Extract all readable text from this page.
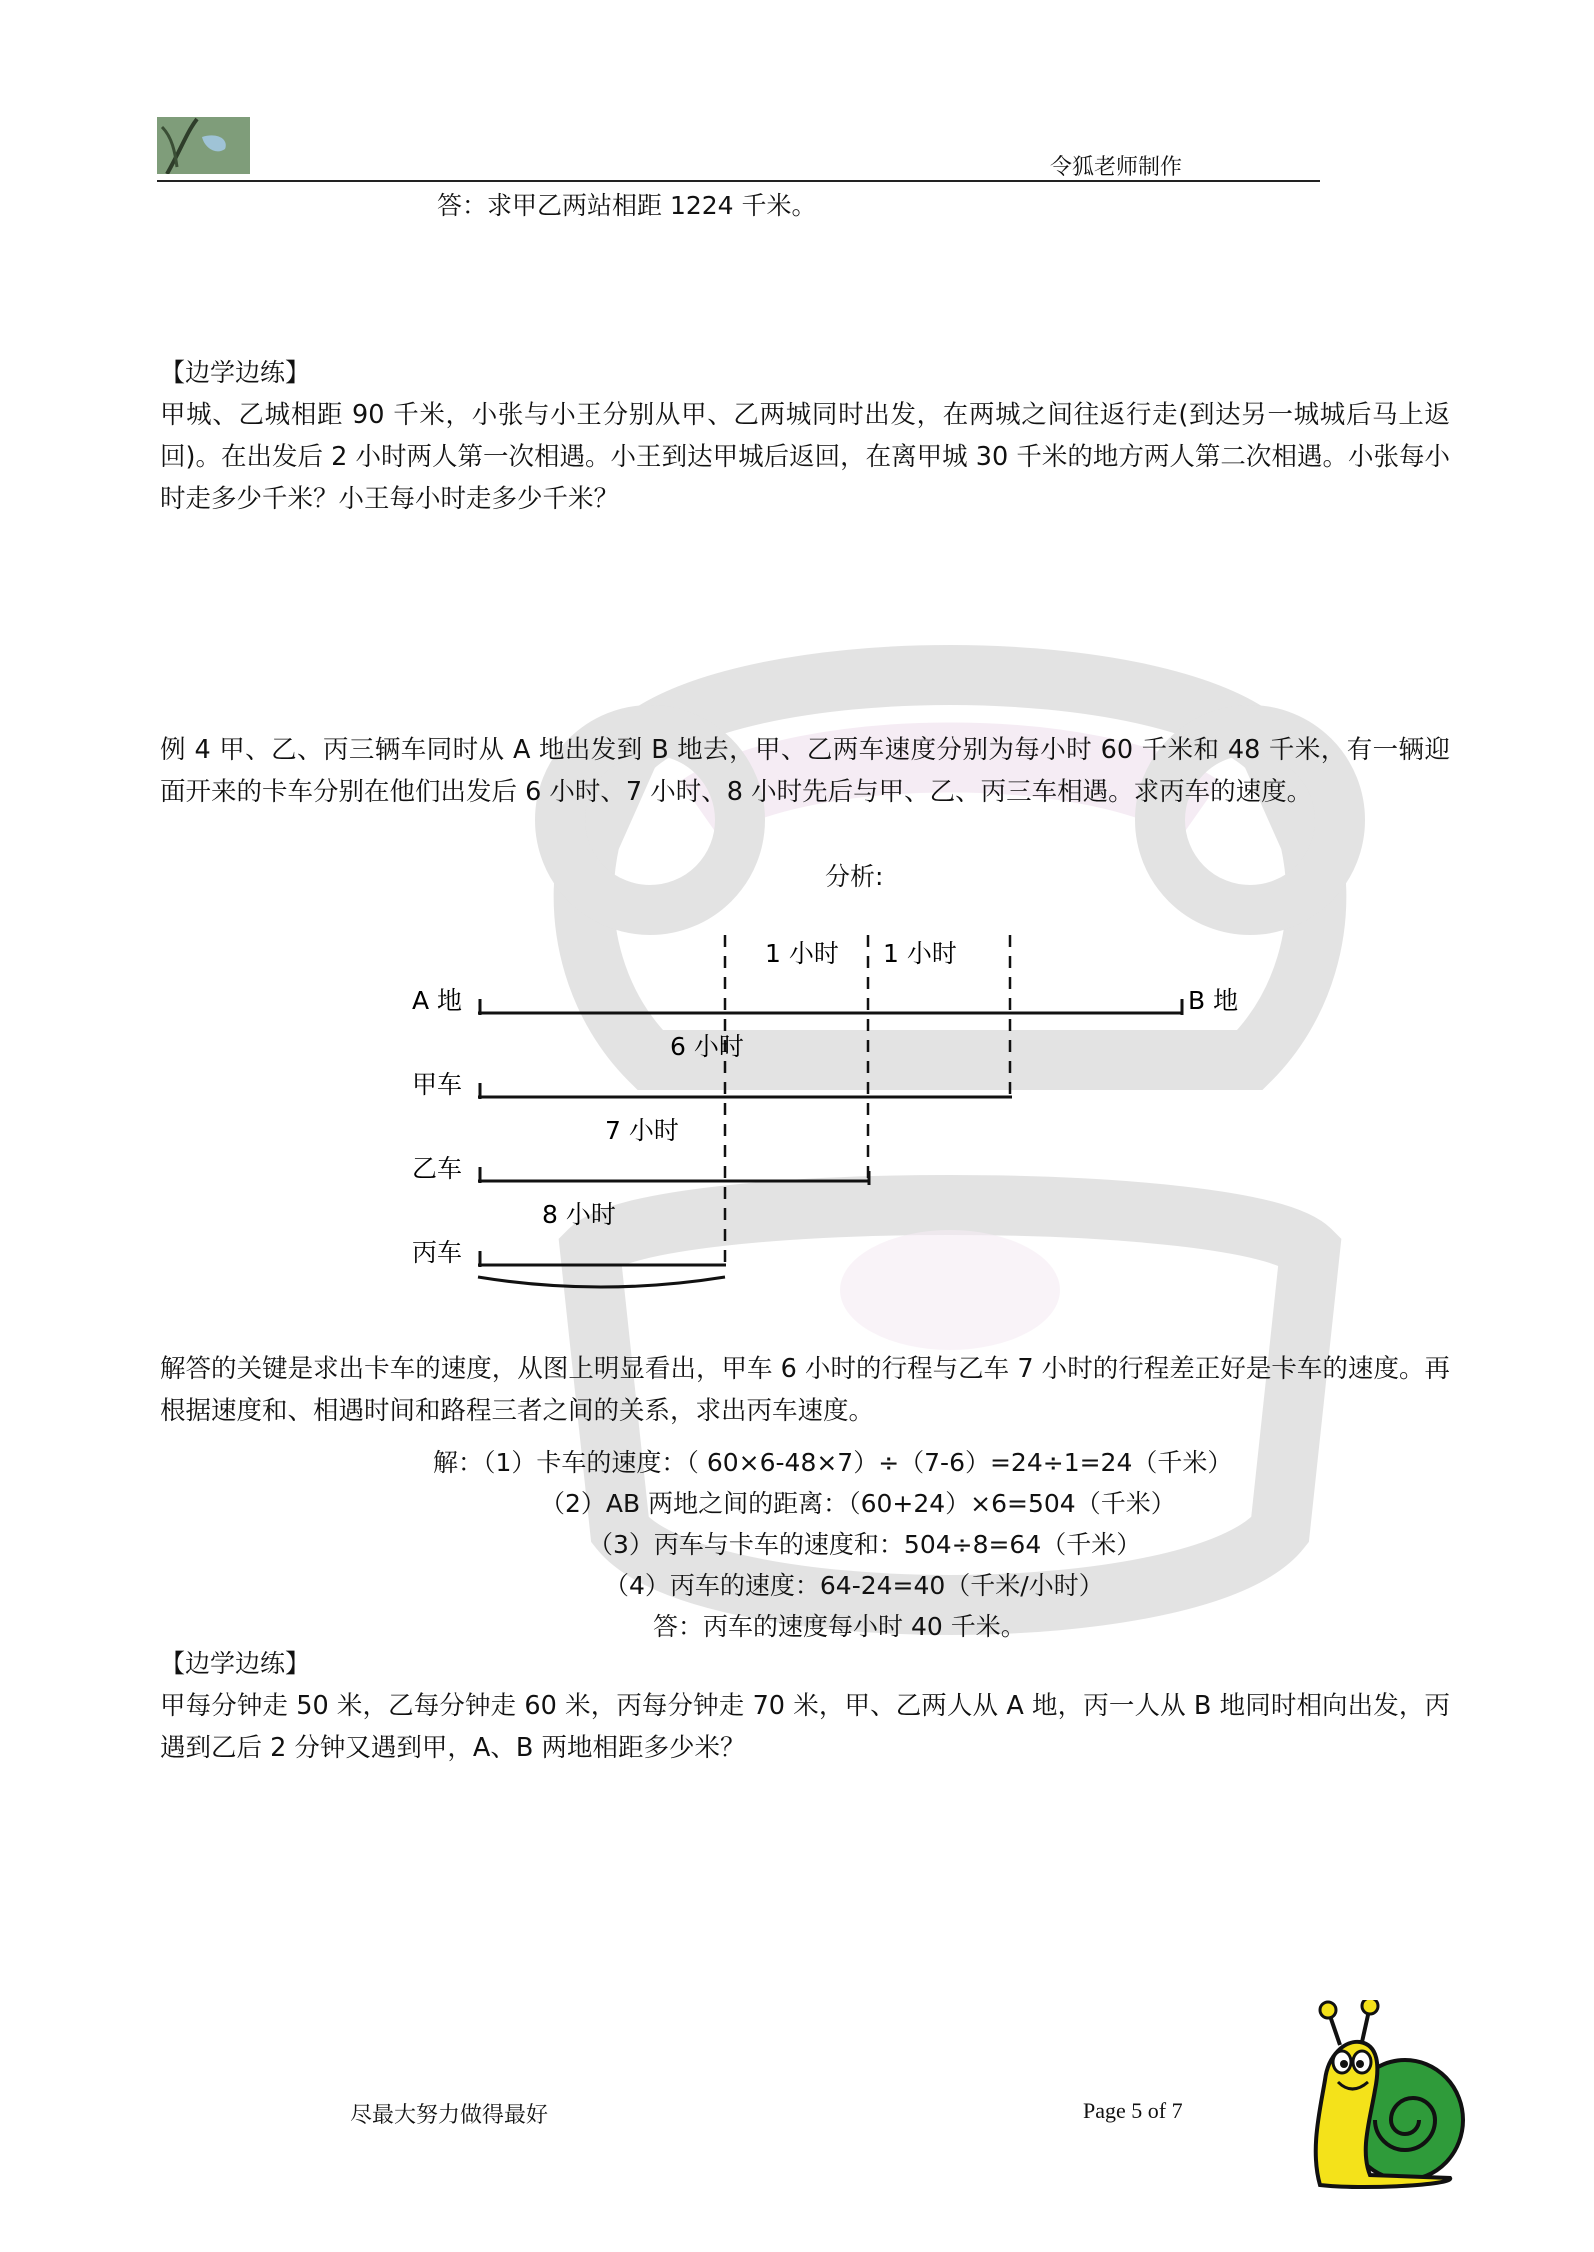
令狐老师制作
答：求甲乙两站相距 1224 千米。
【边学边练】
甲城、乙城相距 90 千米，小张与小王分别从甲、乙两城同时出发，在两城之间往返行走(到达另一城城后马上返回)。在出发后 2 小时两人第一次相遇。小王到达甲城后返回，在离甲城 30 千米的地方两人第二次相遇。小张每小时走多少千米？小王每小时走多少千米？
例 4 甲、乙、丙三辆车同时从 A 地出发到 B 地去，甲、乙两车速度分别为每小时 60 千米和 48 千米，有一辆迎面开来的卡车分别在他们出发后 6 小时、7 小时、8 小时先后与甲、乙、丙三车相遇。求丙车的速度。
分析:
1 小时 1 小时
A 地	B 地
6 小时
甲车
7 小时
乙车
8 小时
丙车
解答的关键是求出卡车的速度，从图上明显看出，甲车 6 小时的行程与乙车 7 小时的行程差正好是卡车的速度。再根据速度和、相遇时间和路程三者之间的关系，求出丙车速度。
解：（1）卡车的速度：（ 60×6-48×7）÷（7-6）=24÷1=24（千米）
（2）AB 两地之间的距离：（60+24）×6=504（千米）
（3）丙车与卡车的速度和：504÷8=64（千米）
（4）丙车的速度：64-24=40（千米/小时）
答：丙车的速度每小时 40 千米。
【边学边练】
甲每分钟走 50 米，乙每分钟走 60 米，丙每分钟走 70 米，甲、乙两人从 A 地，丙一人从 B 地同时相向出发，丙遇到乙后 2 分钟又遇到甲，A、B 两地相距多少米？
尽最大努力做得最好	Page 5 of 7
